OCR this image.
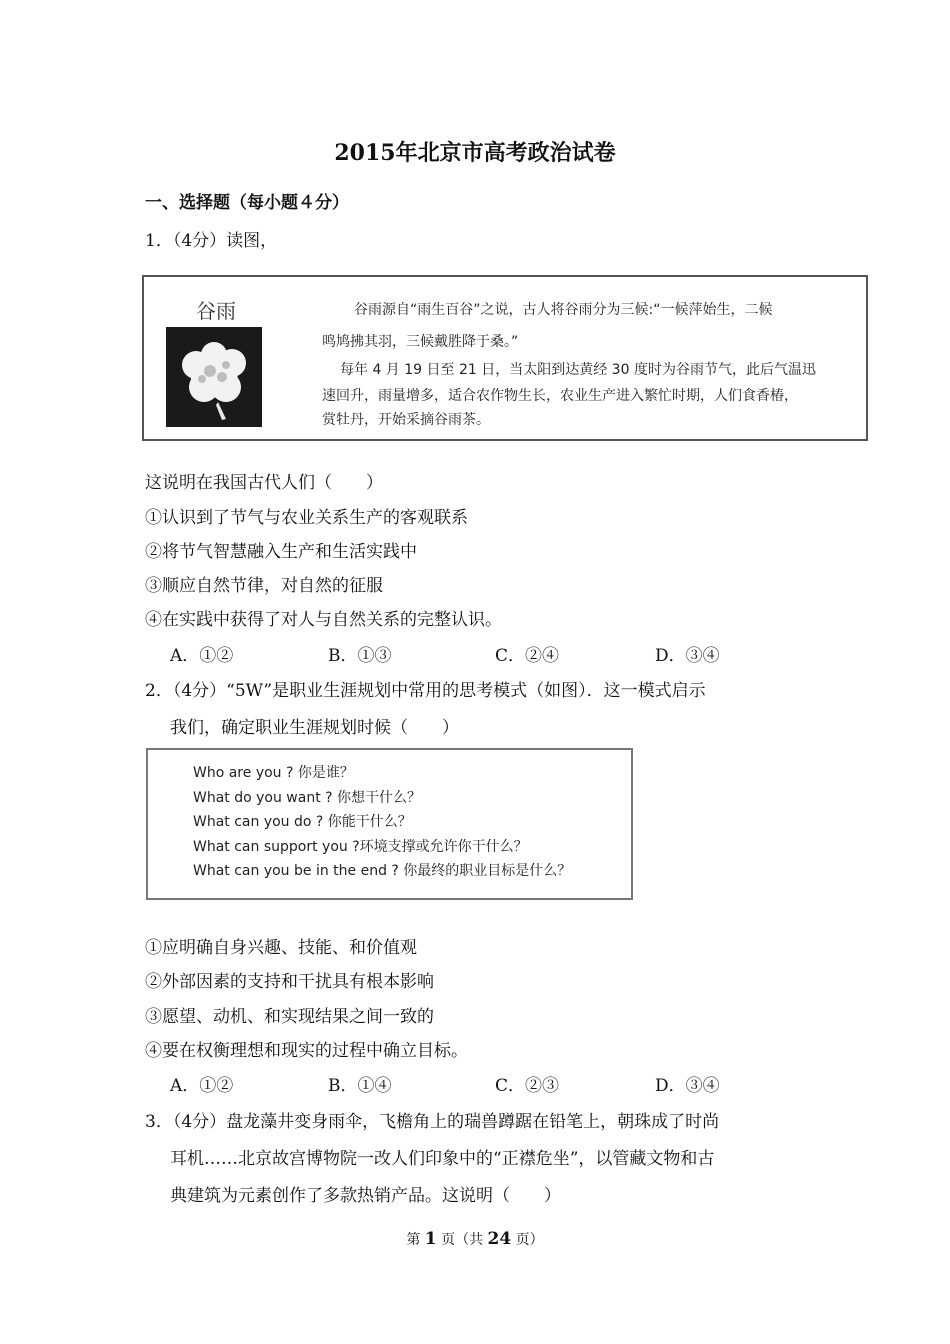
2015年北京市高考政治试卷
一、选择题（每小题４分）
1．（4分）读图，
谷雨	谷雨源自“雨生百谷”之说，古人将谷雨分为三候:“一候萍始生，二候
鸣鸠拂其羽，三候戴胜降于桑。”
每年 4 月 19 日至 21 日，当太阳到达黄经 30 度时为谷雨节气，此后气温迅
速回升，雨量增多，适合农作物生长，农业生产进入繁忙时期，人们食香椿，
赏牡丹，开始采摘谷雨茶。
这说明在我国古代人们（　　）
①认识到了节气与农业关系生产的客观联系
②将节气智慧融入生产和生活实践中
③顺应自然节律，对自然的征服
④在实践中获得了对人与自然关系的完整认识。
A．①②	B．①③	C．②④	D．③④
2．（4分）“5W”是职业生涯规划中常用的思考模式（如图）．这一模式启示
我们，确定职业生涯规划时候（　　）
Who are you ? 你是谁？
What do you want ? 你想干什么？
What can you do ? 你能干什么？
What can support you ?环境支撑或允许你干什么？
What can you be in the end ? 你最终的职业目标是什么？
①应明确自身兴趣、技能、和价值观
②外部因素的支持和干扰具有根本影响
③愿望、动机、和实现结果之间一致的
④要在权衡理想和现实的过程中确立目标。
A．①②	B．①④	C．②③	D．③④
3．（4分）盘龙藻井变身雨伞，飞檐角上的瑞兽蹲踞在铅笔上，朝珠成了时尚
耳机……北京故宫博物院一改人们印象中的“正襟危坐”，以管藏文物和古
典建筑为元素创作了多款热销产品。这说明（　　）
第 1 页（共 24 页）
